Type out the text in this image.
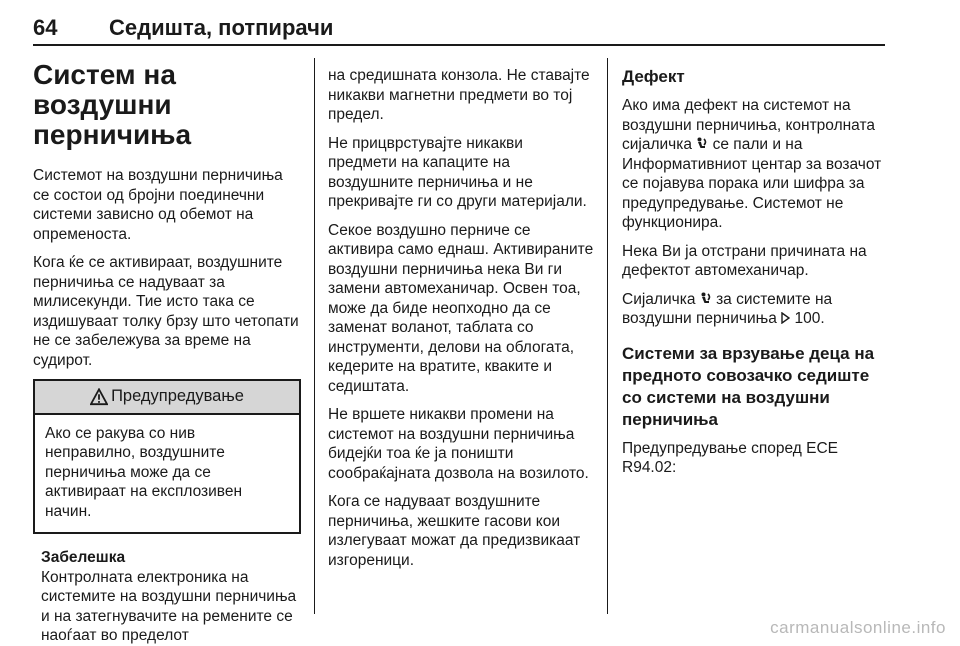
64	Седишта, потпирачи
Систем на воздушни перничиња

Системот на воздушни перничиња се состои од бројни поединечни системи зависно од обемот на опременоста.

Кога ќе се активираат, воздушните перничиња се надуваат за милисекунди. Тие исто така се издишуваат толку брзу што четопати не се забележува за време на судирот.

Предупредување
Ако се ракува со нив неправилно, воздушните перничиња може да се активираат на експлозивен начин.
Забелешка
Контролната електроника на системите на воздушни перничиња и на затегнувачите на ремените се наоѓаат во пределот

на средишната конзола. Не ставајте никакви магнетни предмети во тој предел.

Не прицврстувајте никакви предмети на капаците на воздушните перничиња и не прекривајте ги со други материјали.

Секое воздушно перниче се активира само еднаш. Активираните воздушни перничиња нека Ви ги замени автомеханичар. Освен тоа, може да биде неопходно да се заменат воланот, таблата со инструменти, делови на облогата, кедерите на вратите, кваките и седиштата.

Не вршете никакви промени на системот на воздушни перничиња бидејќи тоа ќе ја поништи сообраќајната дозвола на возилото.

Кога се надуваат воздушните перничиња, жешките гасови кои излегуваат можат да предизвикаат изгореници.

Дефект

Ако има дефект на системот на воздушни перничиња, контролната сијаличка се пали и на Информативниот центар за возачот се појавува порака или шифра за предупредување. Системот не функционира.

Нека Ви ја отстрани причината на дефектот автомеханичар.

Сијаличка за системите на воздушни перничиња 100.

Системи за врзување деца на предното совозачко седиште со системи на воздушни перничиња

Предупредување според ECE R94.02:

carmanualsonline.info
